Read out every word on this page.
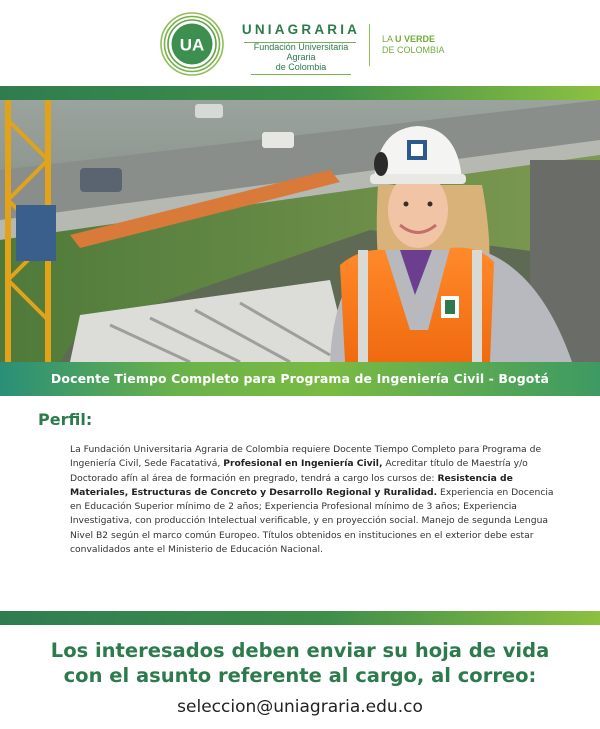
UA
UNIAGRARIA
Fundación Universitaria Agraria
de Colombia
LA U VERDE
DE COLOMBIA
Docente Tiempo Completo para Programa de Ingeniería Civil - Bogotá
Perfil:
La Fundación Universitaria Agraria de Colombia requiere Docente Tiempo Completo para Programa de Ingeniería Civil, Sede Facatativá, Profesional en Ingeniería Civil, Acreditar título de Maestría y/o Doctorado afín al área de formación en pregrado, tendrá a cargo los cursos de: Resistencia de Materiales, Estructuras de Concreto y Desarrollo Regional y Ruralidad. Experiencia en Docencia en Educación Superior mínimo de 2 años; Experiencia Profesional mínimo de 3 años; Experiencia Investigativa, con producción Intelectual verificable, y en proyección social. Manejo de segunda Lengua Nivel B2 según el marco común Europeo. Títulos obtenidos en instituciones en el exterior debe estar convalidados ante el Ministerio de Educación Nacional.
Los interesados deben enviar su hoja de vida
con el asunto referente al cargo, al correo:
seleccion@uniagraria.edu.co
